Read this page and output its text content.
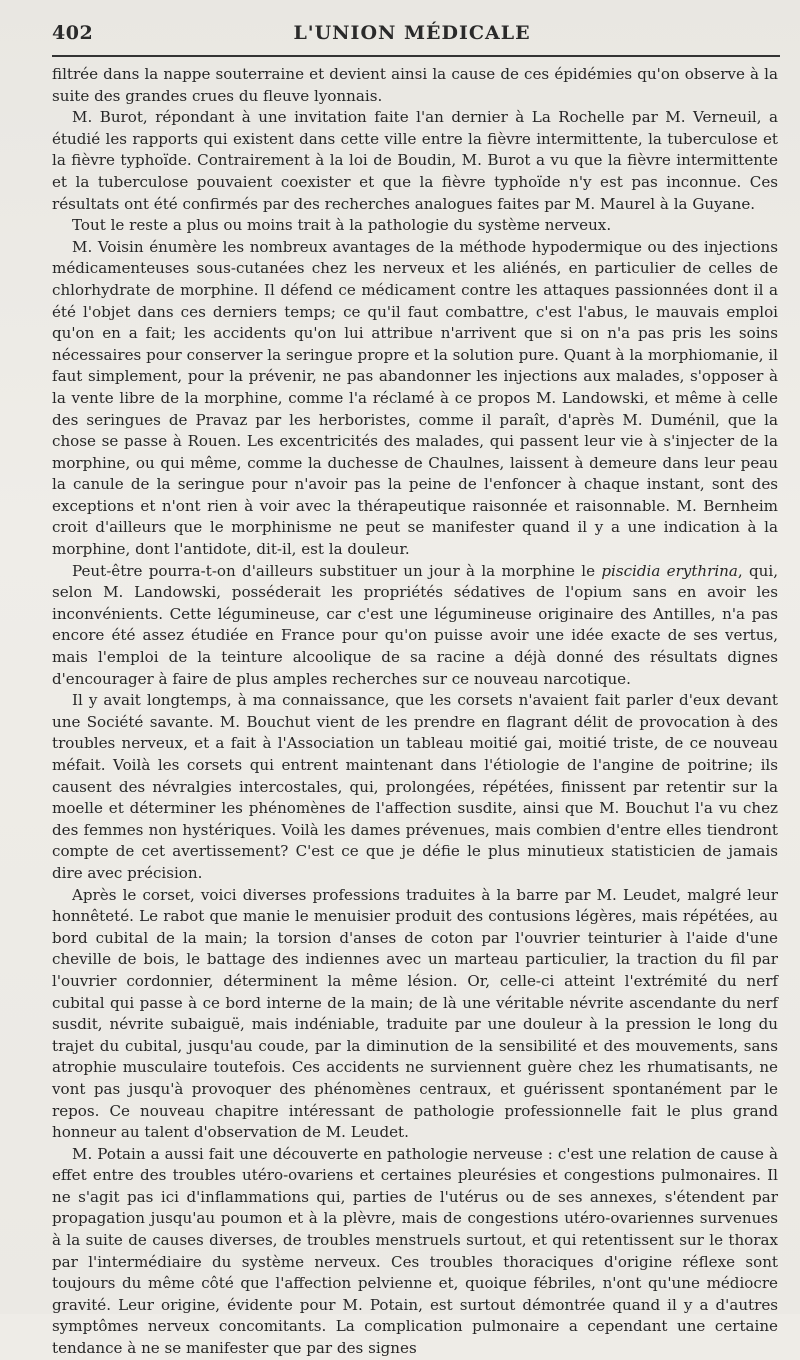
402	L'UNION MÉDICALE

filtrée dans la nappe souterraine et devient ainsi la cause de ces épidémies qu'on observe à la suite des grandes crues du fleuve lyonnais.

M. Burot, répondant à une invitation faite l'an dernier à La Rochelle par M. Verneuil, a étudié les rapports qui existent dans cette ville entre la fièvre intermittente, la tuberculose et la fièvre typhoïde. Contrairement à la loi de Boudin, M. Burot a vu que la fièvre intermittente et la tuberculose pouvaient coexister et que la fièvre typhoïde n'y est pas inconnue. Ces résultats ont été confirmés par des recherches analogues faites par M. Maurel à la Guyane.

Tout le reste a plus ou moins trait à la pathologie du système nerveux.

M. Voisin énumère les nombreux avantages de la méthode hypodermique ou des injections médicamenteuses sous-cutanées chez les nerveux et les aliénés, en particulier de celles de chlorhydrate de morphine. Il défend ce médicament contre les attaques passionnées dont il a été l'objet dans ces derniers temps; ce qu'il faut combattre, c'est l'abus, le mauvais emploi qu'on en a fait; les accidents qu'on lui attribue n'arrivent que si on n'a pas pris les soins nécessaires pour conserver la seringue propre et la solution pure. Quant à la morphiomanie, il faut simplement, pour la prévenir, ne pas abandonner les injections aux malades, s'opposer à la vente libre de la morphine, comme l'a réclamé à ce propos M. Landowski, et même à celle des seringues de Pravaz par les herboristes, comme il paraît, d'après M. Duménil, que la chose se passe à Rouen. Les excentricités des malades, qui passent leur vie à s'injecter de la morphine, ou qui même, comme la duchesse de Chaulnes, laissent à demeure dans leur peau la canule de la seringue pour n'avoir pas la peine de l'enfoncer à chaque instant, sont des exceptions et n'ont rien à voir avec la thérapeutique raisonnée et raisonnable. M. Bernheim croit d'ailleurs que le morphinisme ne peut se manifester quand il y a une indication à la morphine, dont l'antidote, dit-il, est la douleur.

Peut-être pourra-t-on d'ailleurs substituer un jour à la morphine le piscidia erythrina, qui, selon M. Landowski, posséderait les propriétés sédatives de l'opium sans en avoir les inconvénients. Cette légumineuse, car c'est une légumineuse originaire des Antilles, n'a pas encore été assez étudiée en France pour qu'on puisse avoir une idée exacte de ses vertus, mais l'emploi de la teinture alcoolique de sa racine a déjà donné des résultats dignes d'encourager à faire de plus amples recherches sur ce nouveau narcotique.

Il y avait longtemps, à ma connaissance, que les corsets n'avaient fait parler d'eux devant une Société savante. M. Bouchut vient de les prendre en flagrant délit de provocation à des troubles nerveux, et a fait à l'Association un tableau moitié gai, moitié triste, de ce nouveau méfait. Voilà les corsets qui entrent maintenant dans l'étiologie de l'angine de poitrine; ils causent des névralgies intercostales, qui, prolongées, répétées, finissent par retentir sur la moelle et déterminer les phénomènes de l'affection susdite, ainsi que M. Bouchut l'a vu chez des femmes non hystériques. Voilà les dames prévenues, mais combien d'entre elles tiendront compte de cet avertissement? C'est ce que je défie le plus minutieux statisticien de jamais dire avec précision.

Après le corset, voici diverses professions traduites à la barre par M. Leudet, malgré leur honnêteté. Le rabot que manie le menuisier produit des contusions légères, mais répétées, au bord cubital de la main; la torsion d'anses de coton par l'ouvrier teinturier à l'aide d'une cheville de bois, le battage des indiennes avec un marteau particulier, la traction du fil par l'ouvrier cordonnier, déterminent la même lésion. Or, celle-ci atteint l'extrémité du nerf cubital qui passe à ce bord interne de la main; de là une véritable névrite ascendante du nerf susdit, névrite subaiguë, mais indéniable, traduite par une douleur à la pression le long du trajet du cubital, jusqu'au coude, par la diminution de la sensibilité et des mouvements, sans atrophie musculaire toutefois. Ces accidents ne surviennent guère chez les rhumatisants, ne vont pas jusqu'à provoquer des phénomènes centraux, et guérissent spontanément par le repos. Ce nouveau chapitre intéressant de pathologie professionnelle fait le plus grand honneur au talent d'observation de M. Leudet.

M. Potain a aussi fait une découverte en pathologie nerveuse : c'est une relation de cause à effet entre des troubles utéro-ovariens et certaines pleurésies et congestions pulmonaires. Il ne s'agit pas ici d'inflammations qui, parties de l'utérus ou de ses annexes, s'étendent par propagation jusqu'au poumon et à la plèvre, mais de congestions utéro-ovariennes survenues à la suite de causes diverses, de troubles menstruels surtout, et qui retentissent sur le thorax par l'intermédiaire du système nerveux. Ces troubles thoraciques d'origine réflexe sont toujours du même côté que l'affection pelvienne et, quoique fébriles, n'ont qu'une médiocre gravité. Leur origine, évidente pour M. Potain, est surtout démontrée quand il y a d'autres symptômes nerveux concomitants. La complication pulmonaire a cependant une certaine tendance à ne se manifester que par des signes
